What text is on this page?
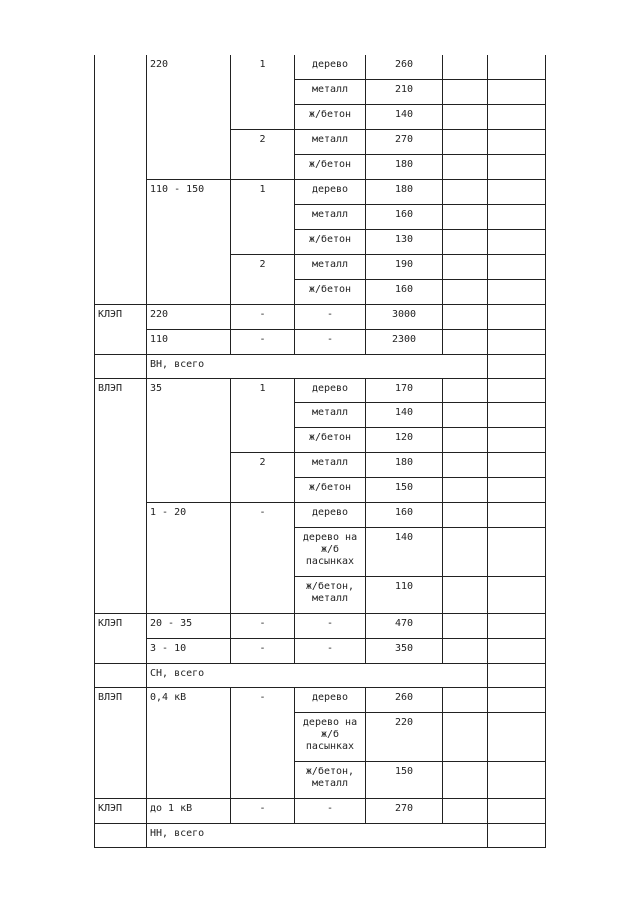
	220	1	дерево	260		
			металл	210		
			ж/бетон	140		
		2	металл	270		
			ж/бетон	180		
	110 - 150	1	дерево	180		
			металл	160		
			ж/бетон	130		
		2	металл	190		
			ж/бетон	160		
КЛЭП	220	-	-	3000		
	110	-	-	2300		
	ВН, всего					
ВЛЭП	35	1	дерево	170		
			металл	140		
			ж/бетон	120		
		2	металл	180		
			ж/бетон	150		
	1 - 20	-	дерево	160		
			дерево на ж/б пасынках	140		
			ж/бетон, металл	110		
КЛЭП	20 - 35	-	-	470		
	3 - 10	-	-	350		
	СН, всего					
ВЛЭП	0,4 кВ	-	дерево	260		
			дерево на ж/б пасынках	220		
			ж/бетон, металл	150		
КЛЭП	до 1 кВ	-	-	270		
	НН, всего					
